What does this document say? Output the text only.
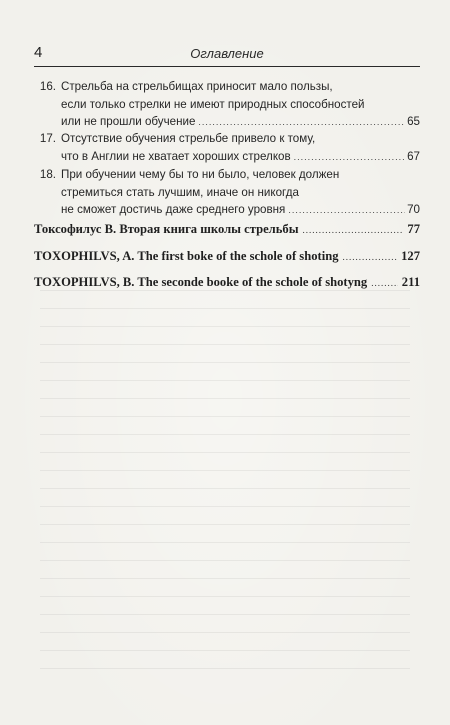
4	Оглавление
16. Стрельба на стрельбищах приносит мало пользы,
если только стрелки не имеют природных способностей
или не прошли обучение .....	65
17. Отсутствие обучения стрельбе привело к тому,
что в Англии не хватает хороших стрелков .....	67
18. При обучении чему бы то ни было, человек должен
стремиться стать лучшим, иначе он никогда
не сможет достичь даже среднего уровня .....	70
Токсофилус В. Вторая книга школы стрельбы .....	77
TOXOPHILVS, A. The first boke of the schole of shoting .....	127
TOXOPHILVS, B. The seconde booke of the schole of shotyng .....	211
